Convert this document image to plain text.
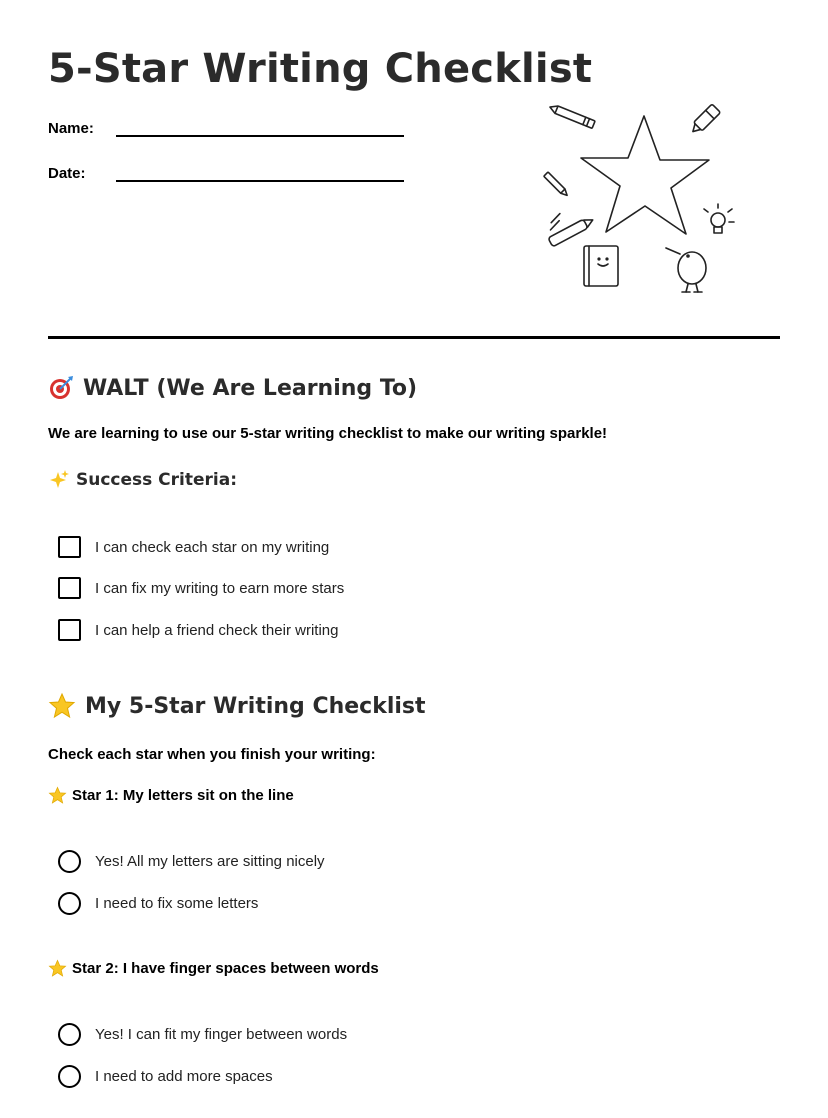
5-Star Writing Checklist
Name:
Date:
WALT (We Are Learning To)
We are learning to use our 5-star writing checklist to make our writing sparkle!
Success Criteria:
I can check each star on my writing
I can fix my writing to earn more stars
I can help a friend check their writing
My 5-Star Writing Checklist
Check each star when you finish your writing:
Star 1: My letters sit on the line
Yes! All my letters are sitting nicely
I need to fix some letters
Star 2: I have finger spaces between words
Yes! I can fit my finger between words
I need to add more spaces
